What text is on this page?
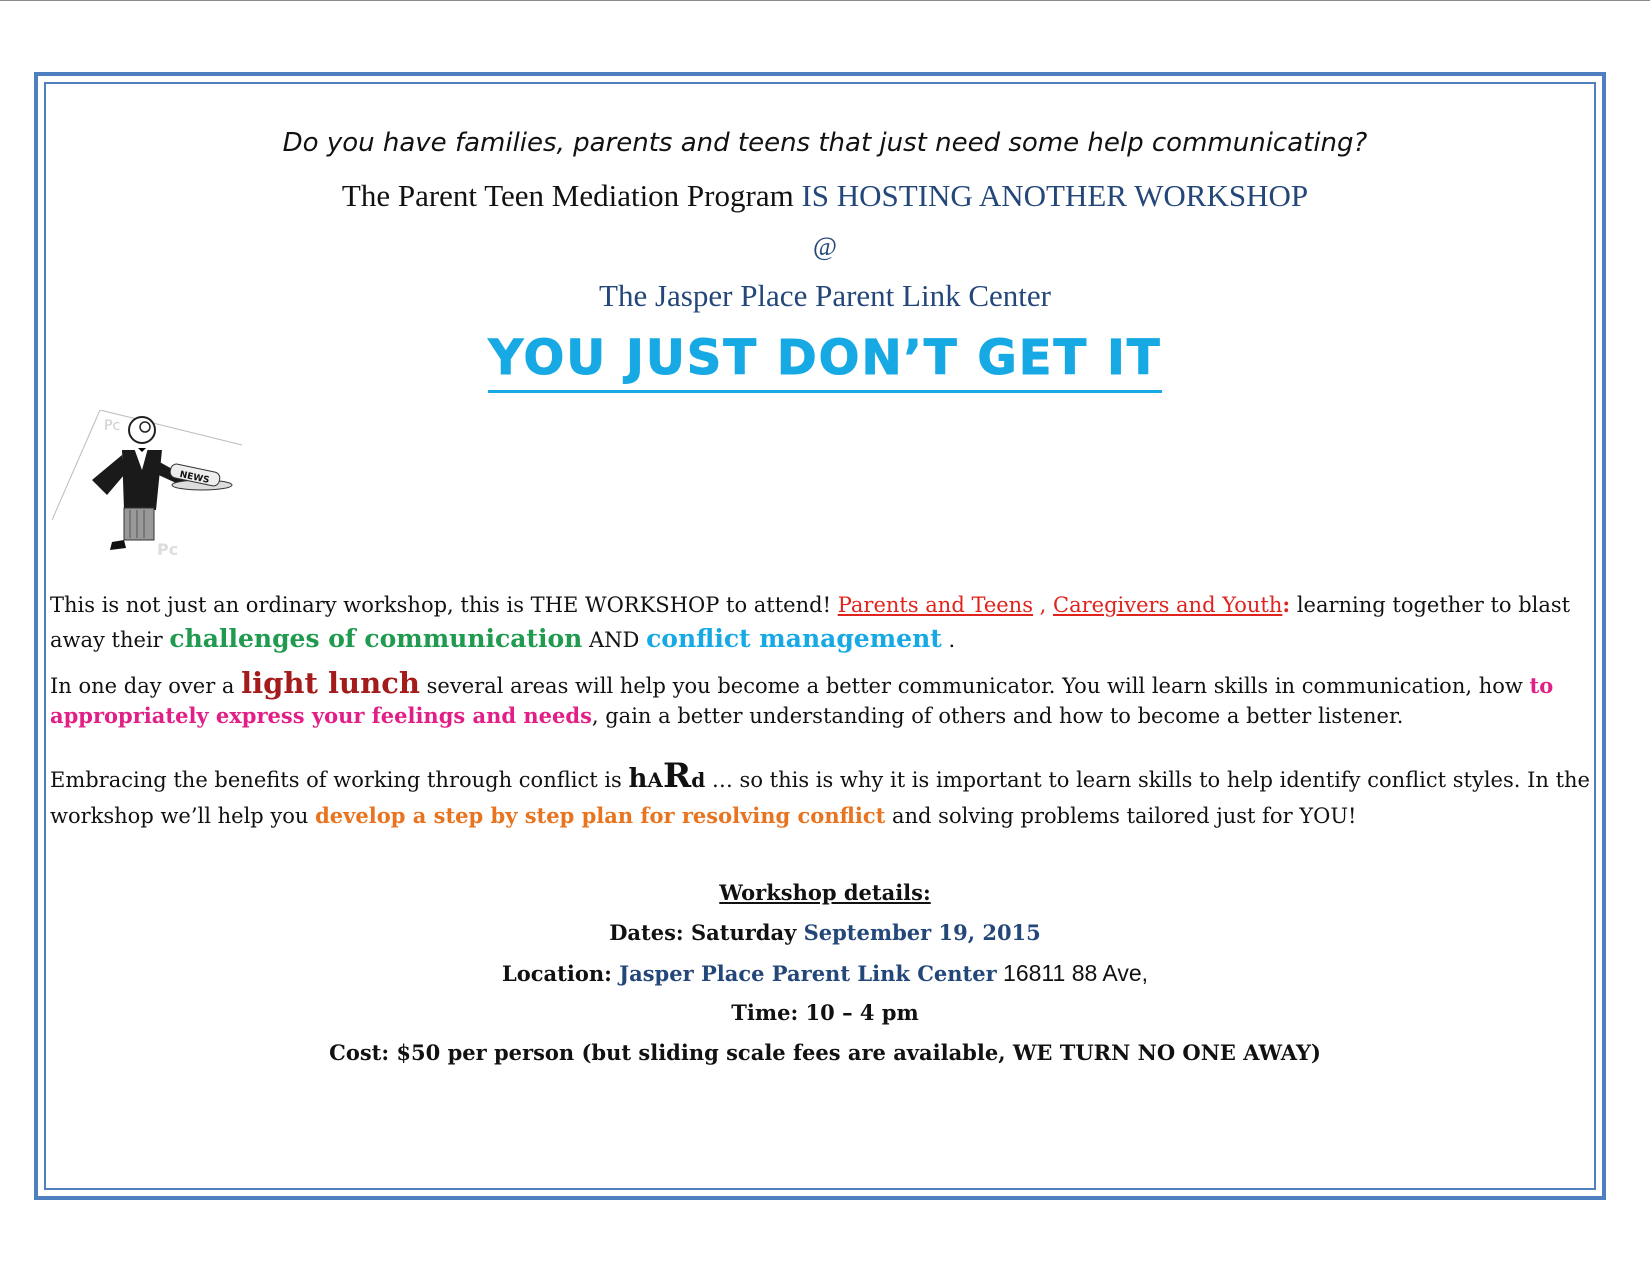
Do you have families, parents and teens that just need some help communicating?
The Parent Teen Mediation Program IS HOSTING ANOTHER WORKSHOP
@
The Jasper Place Parent Link Center
YOU JUST DON’T GET IT
Pc
Pc
NEWS
This is not just an ordinary workshop, this is THE WORKSHOP to attend! Parents and Teens , Caregivers and Youth: learning together to blast away their challenges of communication AND conflict management .
In one day over a light lunch several areas will help you become a better communicator. You will learn skills in communication, how to appropriately express your feelings and needs, gain a better understanding of others and how to become a better listener.
Embracing the benefits of working through conflict is hARd … so this is why it is important to learn skills to help identify conflict styles. In the workshop we’ll help you develop a step by step plan for resolving conflict and solving problems tailored just for YOU!
Workshop details:
Dates: Saturday September 19, 2015
Location: Jasper Place Parent Link Center 16811 88 Ave,
Time: 10 – 4 pm
Cost: $50 per person (but sliding scale fees are available, WE TURN NO ONE AWAY)
